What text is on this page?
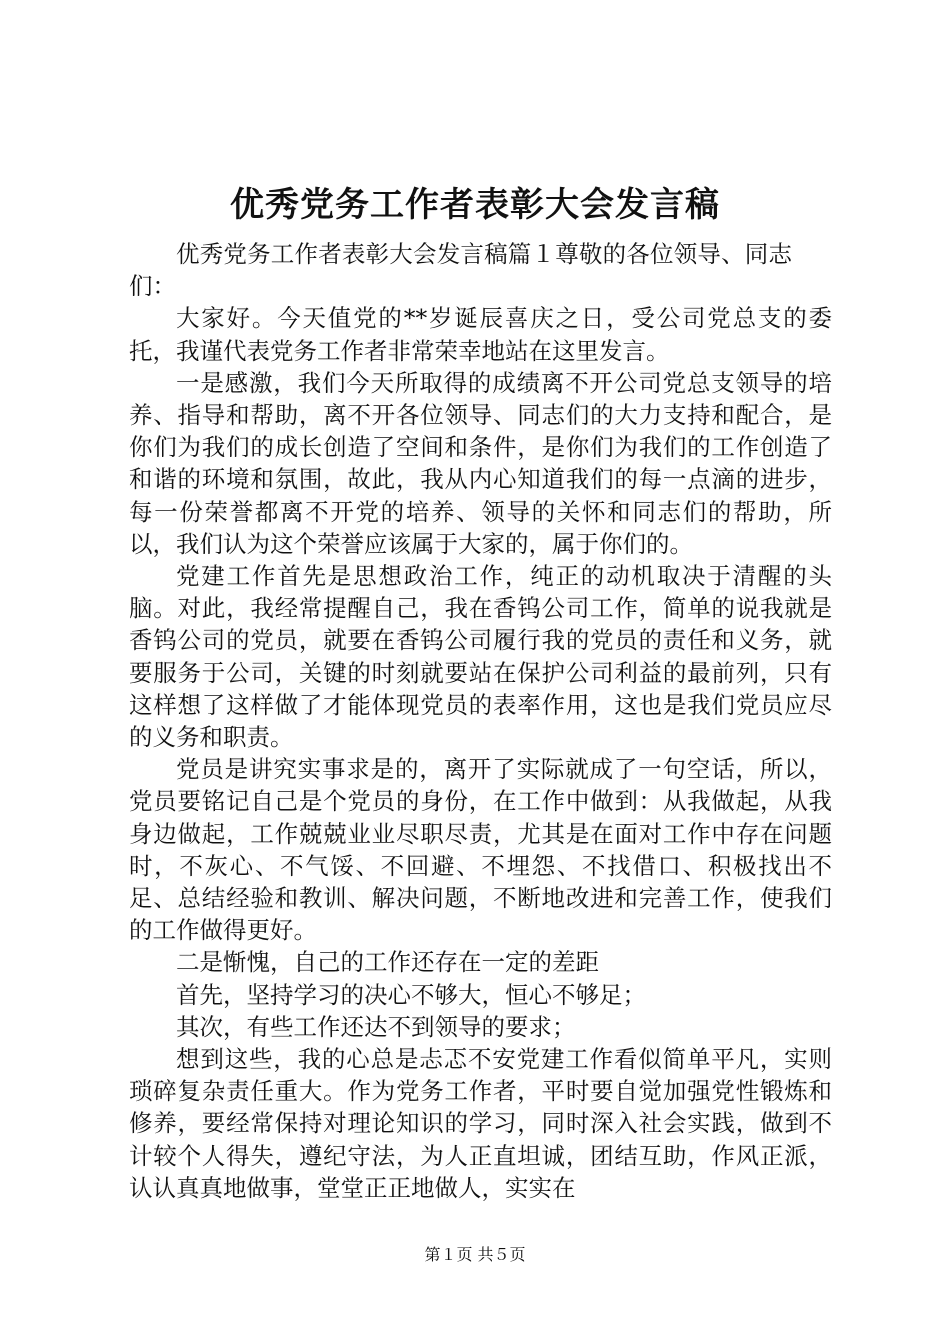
优秀党务工作者表彰大会发言稿

优秀党务工作者表彰大会发言稿篇１尊敬的各位领导、同志们：

大家好。今天值党的**岁诞辰喜庆之日，受公司党总支的委托，我谨代表党务工作者非常荣幸地站在这里发言。

一是感激，我们今天所取得的成绩离不开公司党总支领导的培养、指导和帮助，离不开各位领导、同志们的大力支持和配合，是你们为我们的成长创造了空间和条件，是你们为我们的工作创造了和谐的环境和氛围，故此，我从内心知道我们的每一点滴的进步，每一份荣誉都离不开党的培养、领导的关怀和同志们的帮助，所以，我们认为这个荣誉应该属于大家的，属于你们的。

党建工作首先是思想政治工作，纯正的动机取决于清醒的头脑。对此，我经常提醒自己，我在香钨公司工作，简单的说我就是香钨公司的党员，就要在香钨公司履行我的党员的责任和义务，就要服务于公司，关键的时刻就要站在保护公司利益的最前列，只有这样想了这样做了才能体现党员的表率作用，这也是我们党员应尽的义务和职责。

党员是讲究实事求是的，离开了实际就成了一句空话，所以，党员要铭记自己是个党员的身份，在工作中做到：从我做起，从我身边做起，工作兢兢业业尽职尽责，尤其是在面对工作中存在问题时，不灰心、不气馁、不回避、不埋怨、不找借口、积极找出不足、总结经验和教训、解决问题，不断地改进和完善工作，使我们的工作做得更好。

二是惭愧，自己的工作还存在一定的差距

首先，坚持学习的决心不够大，恒心不够足；

其次，有些工作还达不到领导的要求；

想到这些，我的心总是忐忑不安党建工作看似简单平凡，实则琐碎复杂责任重大。作为党务工作者，平时要自觉加强党性锻炼和修养，要经常保持对理论知识的学习，同时深入社会实践，做到不计较个人得失，遵纪守法，为人正直坦诚，团结互助，作风正派，认认真真地做事，堂堂正正地做人，实实在

第１页 共５页
